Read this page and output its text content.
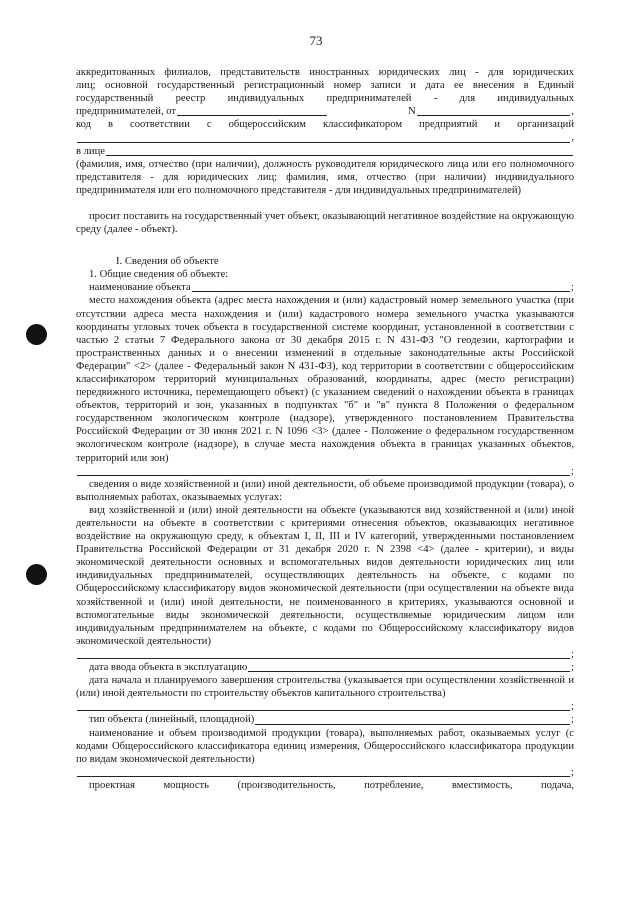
73

аккредитованных филиалов, представительств иностранных юридических лиц - для юридических

лиц; основной государственный регистрационный номер записи и дата ее внесения в Единый

государственный реестр индивидуальных предпринимателей - для индивидуальных

предпринимателей, от	N	,

код в соответствии с общероссийским классификатором предприятий и организаций

,
в лице

(фамилия, имя, отчество (при наличии), должность руководителя юридического лица или его полномочного представителя - для юридических лиц; фамилия, имя, отчество (при наличии) индивидуального предпринимателя или его полномочного представителя - для индивидуальных предпринимателей)

просит поставить на государственный учет объект, оказывающий негативное воздействие на окружающую среду (далее - объект).

I. Сведения об объекте

1. Общие сведения об объекте:

наименование объекта	;

место нахождения объекта (адрес места нахождения и (или) кадастровый номер земельного участка (при отсутствии адреса места нахождения и (или) кадастрового номера земельного участка указываются координаты угловых точек объекта в государственной системе координат, установленной в соответствии с частью 2 статьи 7 Федерального закона от 30 декабря 2015 г. N 431-ФЗ "О геодезии, картографии и пространственных данных и о внесении изменений в отдельные законодательные акты Российской Федерации" <2> (далее - Федеральный закон N 431-ФЗ), код территории в соответствии с общероссийским классификатором территорий муниципальных образований, координаты, адрес (место регистрации) передвижного источника, перемещающего объект) (с указанием сведений о нахождении объекта в границах объектов, территорий и зон, указанных в подпунктах "б" и "в" пункта 8 Положения о федеральном государственном экологическом контроле (надзоре), утвержденного постановлением Правительства Российской Федерации от 30 июня 2021 г. N 1096 <3> (далее - Положение о федеральном государственном экологическом контроле (надзоре), в случае места нахождения объекта в границах указанных объектов, территорий или зон)

;

сведения о виде хозяйственной и (или) иной деятельности, об объеме производимой продукции (товара), о выполняемых работах, оказываемых услугах:

вид хозяйственной и (или) иной деятельности на объекте (указываются вид хозяйственной и (или) иной деятельности на объекте в соответствии с критериями отнесения объектов, оказывающих негативное воздействие на окружающую среду, к объектам I, II, III и IV категорий, утвержденными постановлением Правительства Российской Федерации от 31 декабря 2020 г. N 2398 <4> (далее - критерии), и виды экономической деятельности основных и вспомогательных видов деятельности юридических лиц или индивидуальных предпринимателей, осуществляющих деятельность на объекте, с кодами по Общероссийскому классификатору видов экономической деятельности (при осуществлении на объекте вида хозяйственной и (или) иной деятельности, не поименованного в критериях, указываются основной и вспомогательные виды экономической деятельности, осуществляемые юридическим лицом или индивидуальным предпринимателем на объекте, с кодами по Общероссийскому классификатору видов экономической деятельности)

;
дата ввода объекта в эксплуатацию	;

дата начала и планируемого завершения строительства (указывается при осуществлении хозяйственной и (или) иной деятельности по строительству объектов капитального строительства)

;
тип объекта (линейный, площадной)	;

наименование и объем производимой продукции (товара), выполняемых работ, оказываемых услуг (с кодами Общероссийского классификатора единиц измерения, Общероссийского классификатора продукции по видам экономической деятельности)

;

проектная мощность (производительность, потребление, вместимость, подача,
